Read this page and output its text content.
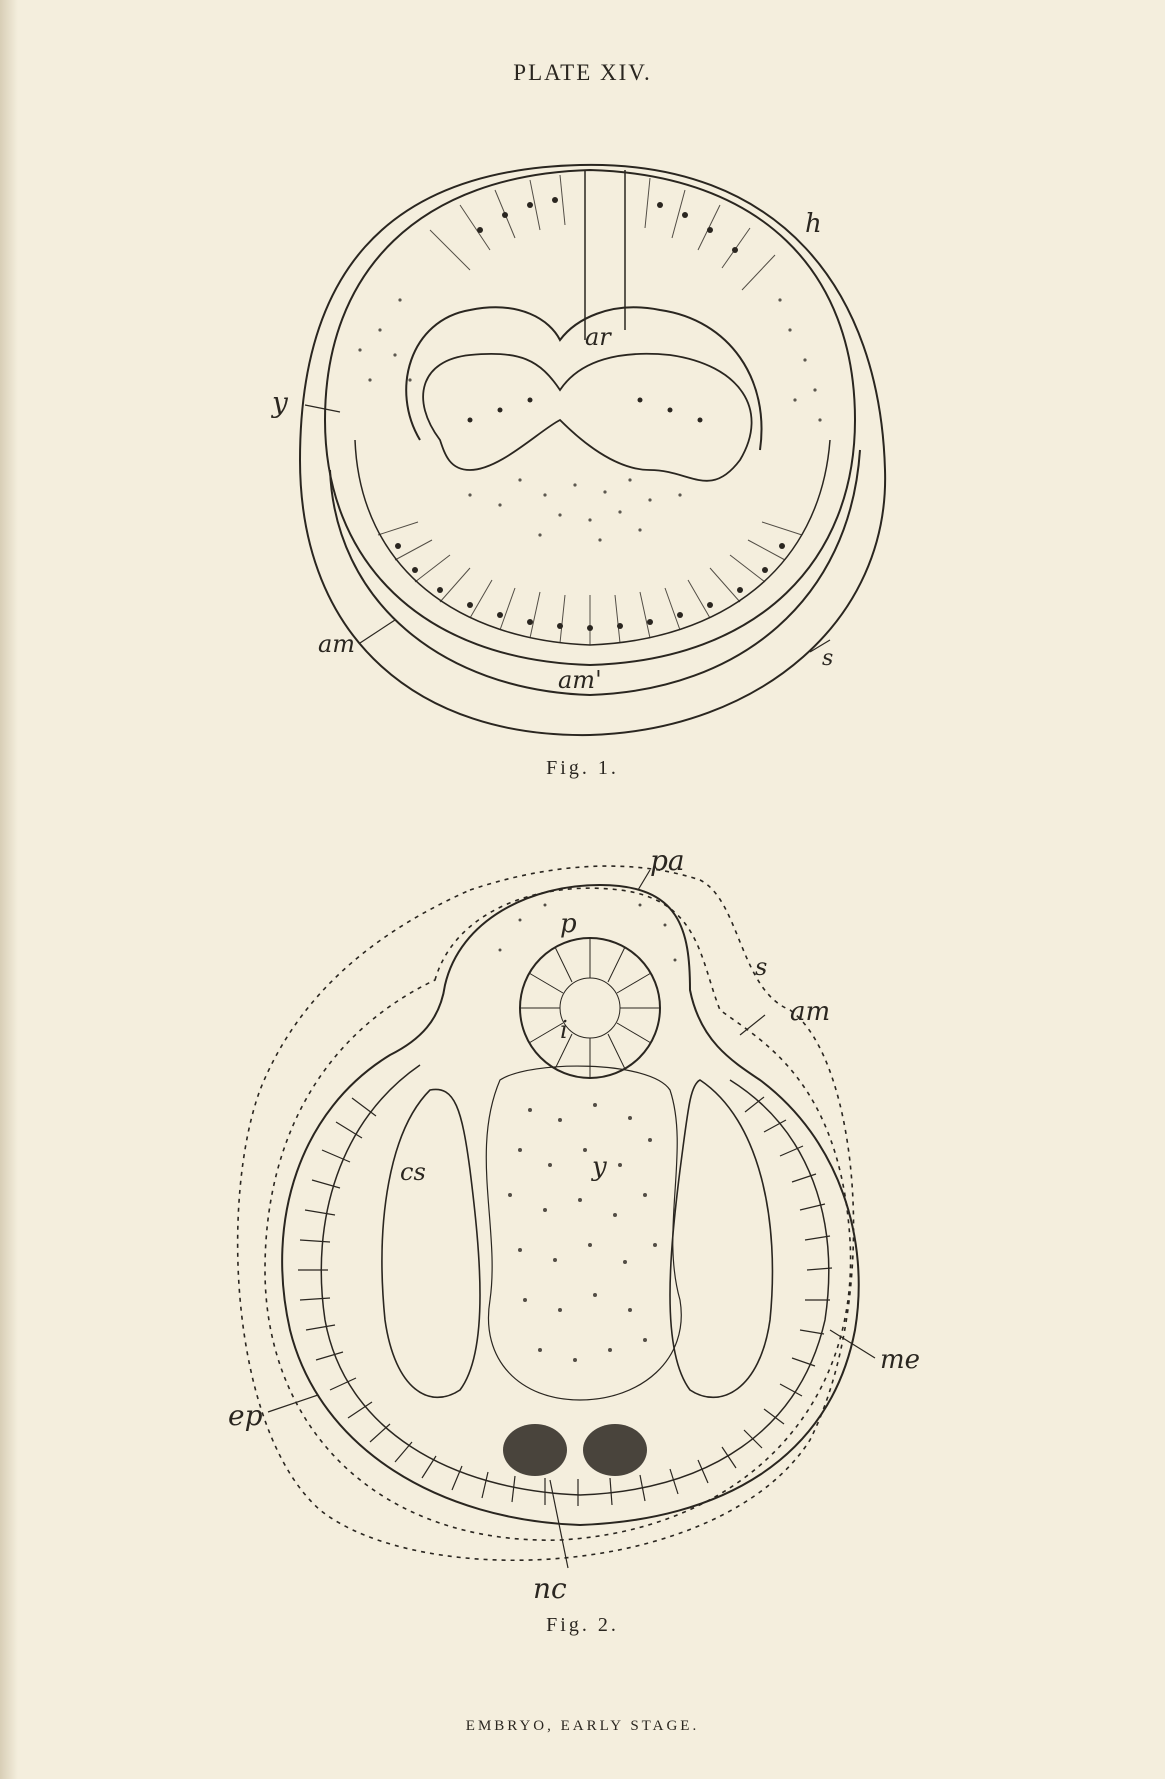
PLATE XIV.
h
ar
y
am
am'
s
Fig. 1.
pa
p
s
am
i
cs	y
me
ep
nc
Fig. 2.
EMBRYO, EARLY STAGE.
